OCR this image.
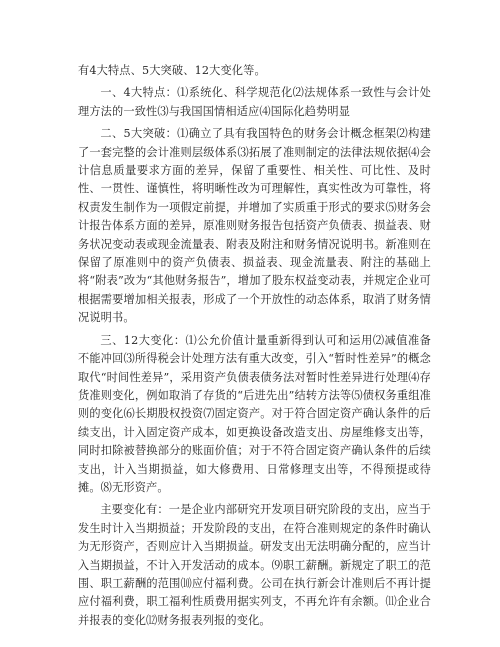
有4大特点、5大突破、12大变化等。

一、4大特点：⑴系统化、科学规范化⑵法规体系一致性与会计处理方法的一致性⑶与我国国情相适应⑷国际化趋势明显

二、5大突破：⑴确立了具有我国特色的财务会计概念框架⑵构建了一套完整的会计准则层级体系⑶拓展了准则制定的法律法规依据⑷会计信息质量要求方面的差异，保留了重要性、相关性、可比性、及时性、一贯性、谨慎性，将明晰性改为可理解性，真实性改为可靠性，将权责发生制作为一项假定前提，并增加了实质重于形式的要求⑸财务会计报告体系方面的差异，原准则财务报告包括资产负债表、损益表、财务状况变动表或现金流量表、附表及附注和财务情况说明书。新准则在保留了原准则中的资产负债表、损益表、现金流量表、附注的基础上将“附表”改为“其他财务报告”，增加了股东权益变动表，并规定企业可根据需要增加相关报表，形成了一个开放性的动态体系，取消了财务情况说明书。

三、12大变化：⑴公允价值计量重新得到认可和运用⑵减值准备不能冲回⑶所得税会计处理方法有重大改变，引入“暂时性差异”的概念取代“时间性差异”，采用资产负债表债务法对暂时性差异进行处理⑷存货准则变化，例如取消了存货的“后进先出”结转方法等⑸债权务重组准则的变化⑹长期股权投资⑺固定资产。对于符合固定资产确认条件的后续支出，计入固定资产成本，如更换设备改造支出、房屋维修支出等，同时扣除被替换部分的账面价值；对于不符合固定资产确认条件的后续支出，计入当期损益，如大修费用、日常修理支出等，不得预提或待摊。⑻无形资产。

主要变化有：一是企业内部研究开发项目研究阶段的支出，应当于发生时计入当期损益；开发阶段的支出，在符合准则规定的条件时确认为无形资产，否则应计入当期损益。研发支出无法明确分配的，应当计入当期损益，不计入开发活动的成本。⑼职工薪酬。新规定了职工的范围、职工薪酬的范围⑽应付福利费。公司在执行新会计准则后不再计提应付福利费，职工福利性质费用据实列支，不再允许有余额。⑾企业合并报表的变化⑿财务报表列报的变化。
